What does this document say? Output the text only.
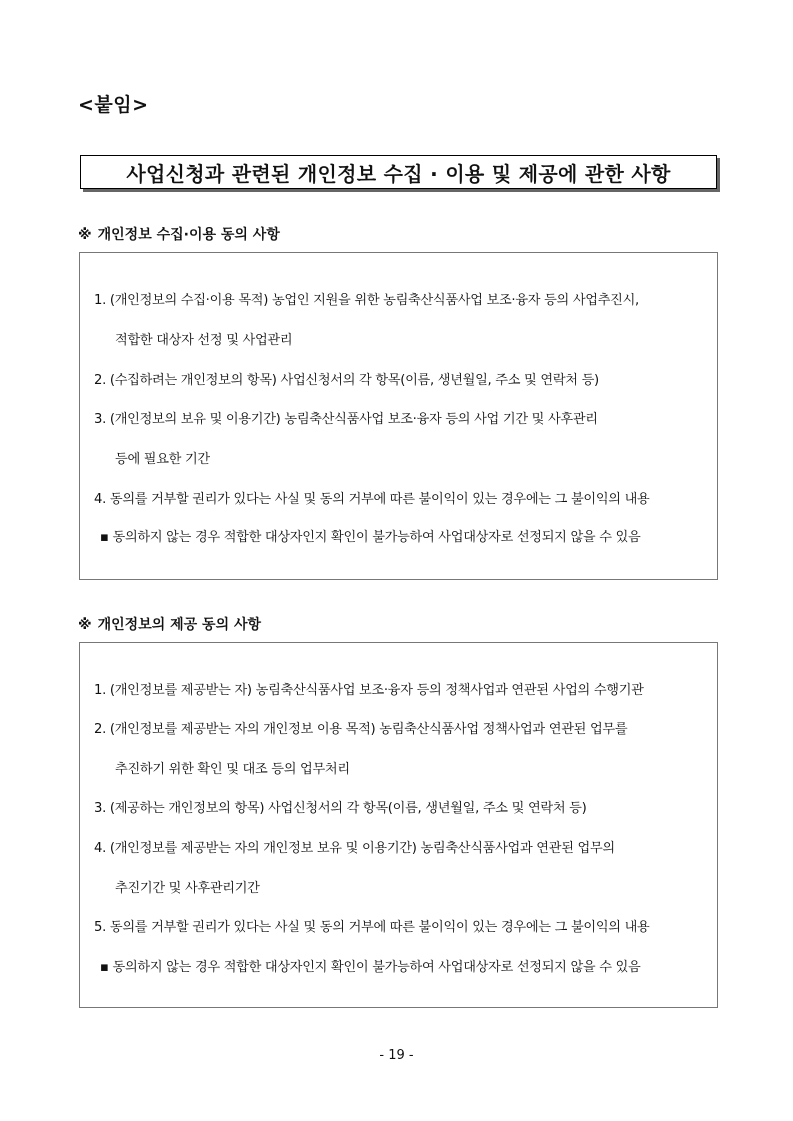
<붙임>
사업신청과 관련된 개인정보 수집 · 이용 및 제공에 관한 사항
※ 개인정보 수집·이용 동의 사항
1. (개인정보의 수집·이용 목적) 농업인 지원을 위한 농림축산식품사업 보조·융자 등의 사업추진시,
적합한 대상자 선정 및 사업관리
2. (수집하려는 개인정보의 항목) 사업신청서의 각 항목(이름, 생년월일, 주소 및 연락처 등)
3. (개인정보의 보유 및 이용기간) 농림축산식품사업 보조·융자 등의 사업 기간 및 사후관리
등에 필요한 기간
4. 동의를 거부할 권리가 있다는 사실 및 동의 거부에 따른 불이익이 있는 경우에는 그 불이익의 내용
▪ 동의하지 않는 경우 적합한 대상자인지 확인이 불가능하여 사업대상자로 선정되지 않을 수 있음
※ 개인정보의 제공 동의 사항
1. (개인정보를 제공받는 자) 농림축산식품사업 보조·융자 등의 정책사업과 연관된 사업의 수행기관
2. (개인정보를 제공받는 자의 개인정보 이용 목적) 농림축산식품사업 정책사업과 연관된 업무를
추진하기 위한 확인 및 대조 등의 업무처리
3. (제공하는 개인정보의 항목) 사업신청서의 각 항목(이름, 생년월일, 주소 및 연락처 등)
4. (개인정보를 제공받는 자의 개인정보 보유 및 이용기간) 농림축산식품사업과 연관된 업무의
추진기간 및 사후관리기간
5. 동의를 거부할 권리가 있다는 사실 및 동의 거부에 따른 불이익이 있는 경우에는 그 불이익의 내용
▪ 동의하지 않는 경우 적합한 대상자인지 확인이 불가능하여 사업대상자로 선정되지 않을 수 있음
- 19 -
